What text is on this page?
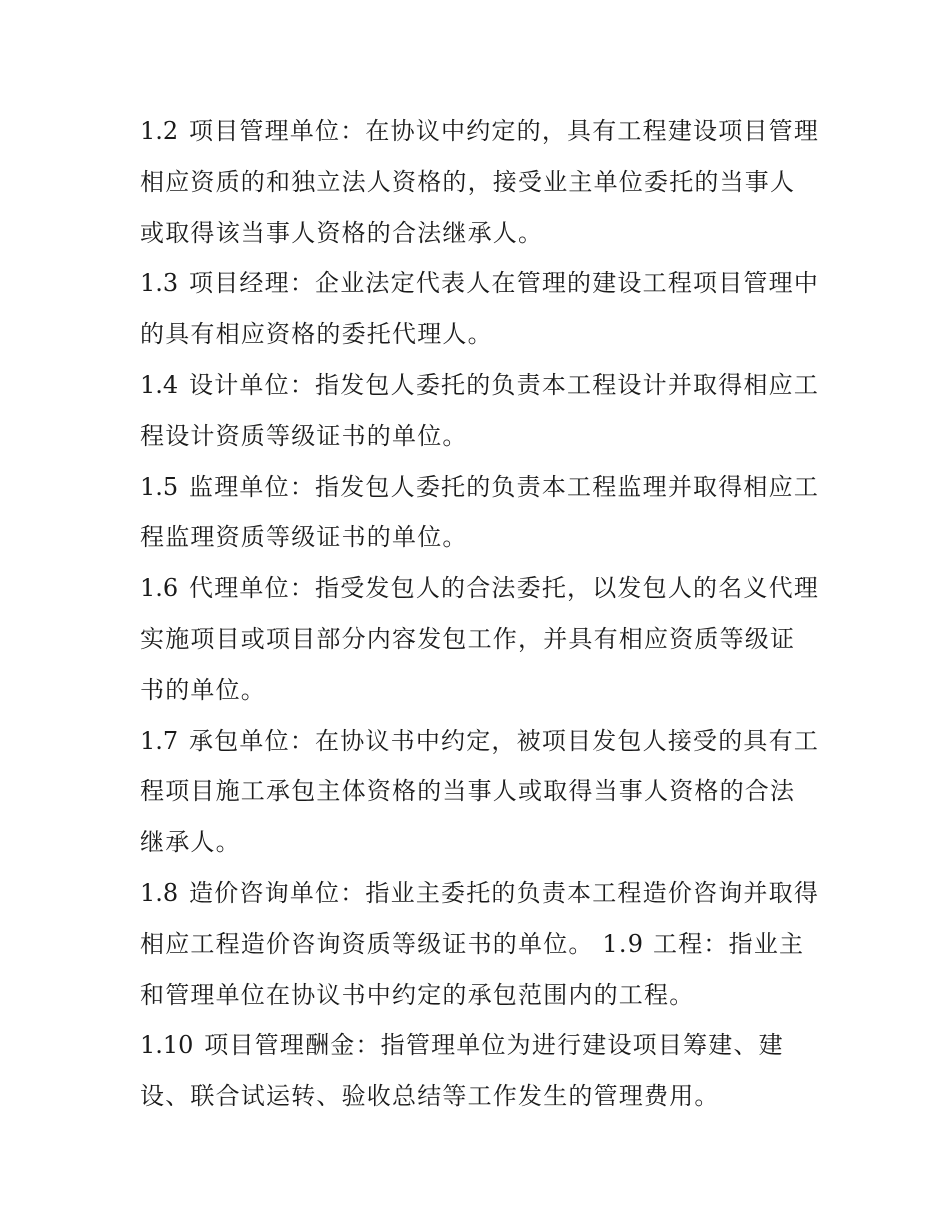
1.2 项目管理单位：在协议中约定的，具有工程建设项目管理相应资质的和独立法人资格的，接受业主单位委托的当事人或取得该当事人资格的合法继承人。

1.3 项目经理：企业法定代表人在管理的建设工程项目管理中的具有相应资格的委托代理人。

1.4 设计单位：指发包人委托的负责本工程设计并取得相应工程设计资质等级证书的单位。

1.5 监理单位：指发包人委托的负责本工程监理并取得相应工程监理资质等级证书的单位。

1.6 代理单位：指受发包人的合法委托，以发包人的名义代理实施项目或项目部分内容发包工作，并具有相应资质等级证书的单位。

1.7 承包单位：在协议书中约定，被项目发包人接受的具有工程项目施工承包主体资格的当事人或取得当事人资格的合法继承人。

1.8 造价咨询单位：指业主委托的负责本工程造价咨询并取得相应工程造价咨询资质等级证书的单位。 1.9 工程：指业主和管理单位在协议书中约定的承包范围内的工程。

1.10 项目管理酬金：指管理单位为进行建设项目筹建、建设、联合试运转、验收总结等工作发生的管理费用。
